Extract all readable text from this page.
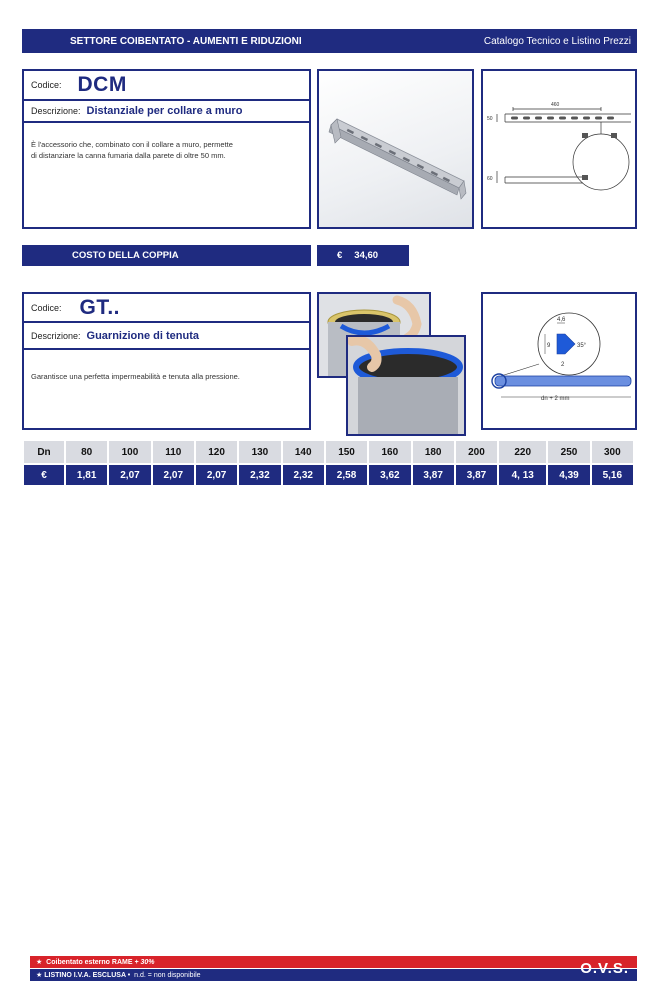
SETTORE COIBENTATO - AUMENTI E RIDUZIONI	Catalogo Tecnico e Listino Prezzi
Codice: DCM
Descrizione: Distanziale per collare a muro
È l'accessorio che, combinato con il collare a muro, permette
di distanziare la canna fumaria dalla parete di oltre 50 mm.
460
50
60
COSTO DELLA COPPIA	€ 34,60
Codice: GT..
Descrizione: Guarnizione di tenuta
Garantisce una perfetta impermeabilità e tenuta alla pressione.
4,6
9
2
35°
dn + 2 mm
Dn	80	100	110	120	130	140	150	160	180	200	220	250	300
€	1,81	2,07	2,07	2,07	2,32	2,32	2,58	3,62	3,87	3,87	4, 13	4,39	5,16
★  Coibentato esterno RAME + 30%
★ LISTINO I.V.A. ESCLUSA • n.d. = non disponibile	O.V.S.
